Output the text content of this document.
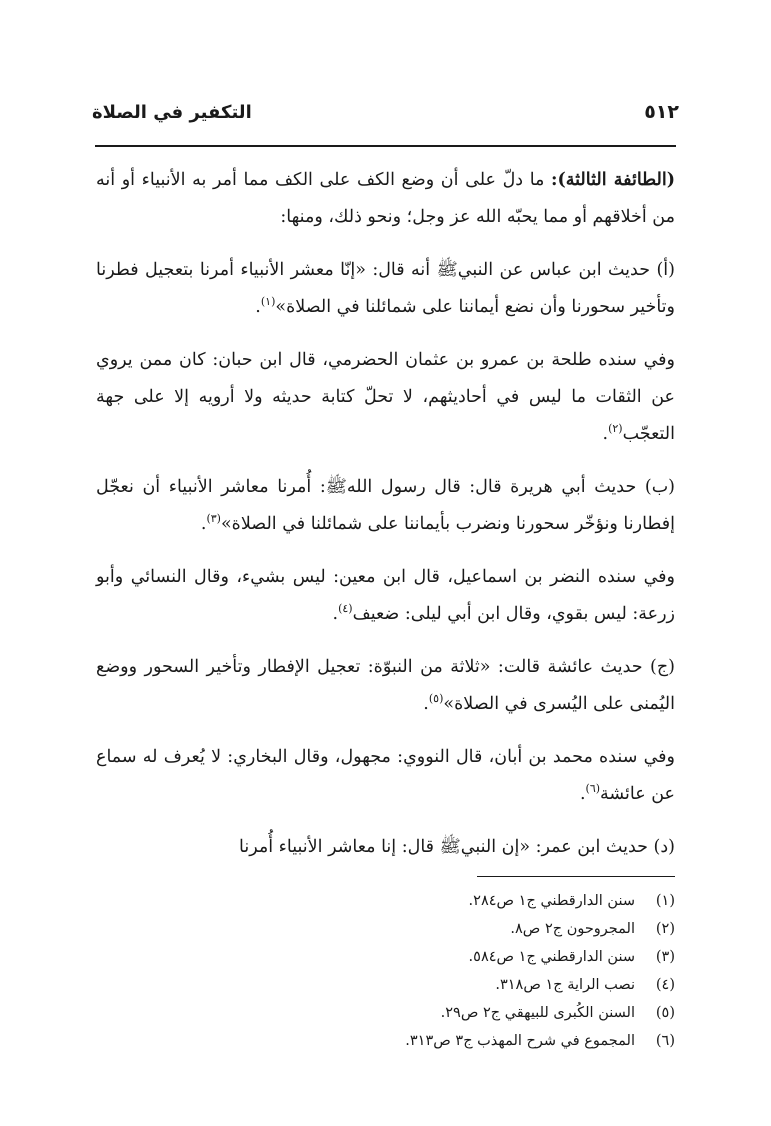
٥١٢
التكفير في الصلاة

(الطائفة الثالثة): ما دلّ على أن وضع الكف على الكف مما أمر به الأنبياء أو أنه من أخلاقهم أو مما يحبّه الله عز وجل؛ ونحو ذلك، ومنها:

(أ) حديث ابن عباس عن النبيﷺ أنه قال: «إنّا معشر الأنبياء أمرنا بتعجيل فطرنا وتأخير سحورنا وأن نضع أيماننا على شمائلنا في الصلاة»$^{(١)}$.

وفي سنده طلحة بن عمرو بن عثمان الحضرمي، قال ابن حبان: كان ممن يروي عن الثقات ما ليس في أحاديثهم، لا تحلّ كتابة حديثه ولا أرويه إلا على جهة التعجّب$^{(٢)}$.

(ب) حديث أبي هريرة قال: قال رسول اللهﷺ: أُمرنا معاشر الأنبياء أن نعجّل إفطارنا ونؤخّر سحورنا ونضرب بأيماننا على شمائلنا في الصلاة»$^{(٣)}$.

وفي سنده النضر بن اسماعيل، قال ابن معين: ليس بشيء، وقال النسائي وأبو زرعة: ليس بقوي، وقال ابن أبي ليلى: ضعيف$^{(٤)}$.

(ج) حديث عائشة قالت: «ثلاثة من النبوّة: تعجيل الإفطار وتأخير السحور ووضع اليُمنى على اليُسرى في الصلاة»$^{(٥)}$.

وفي سنده محمد بن أبان، قال النووي: مجهول، وقال البخاري: لا يُعرف له سماع عن عائشة$^{(٦)}$.

(د) حديث ابن عمر: «إن النبيﷺ قال: إنا معاشر الأنبياء أُمرنا

(١)
سنن الدارقطني ج١ ص٢٨٤.
(٢)
المجروحون ج٢ ص٨.
(٣)
سنن الدارقطني ج١ ص٥٨٤.
(٤)
نصب الراية ج١ ص٣١٨.
(٥)
السنن الكُبرى للبيهقي ج٢ ص٢٩.
(٦)
المجموع في شرح المهذب ج٣ ص٣١٣.
